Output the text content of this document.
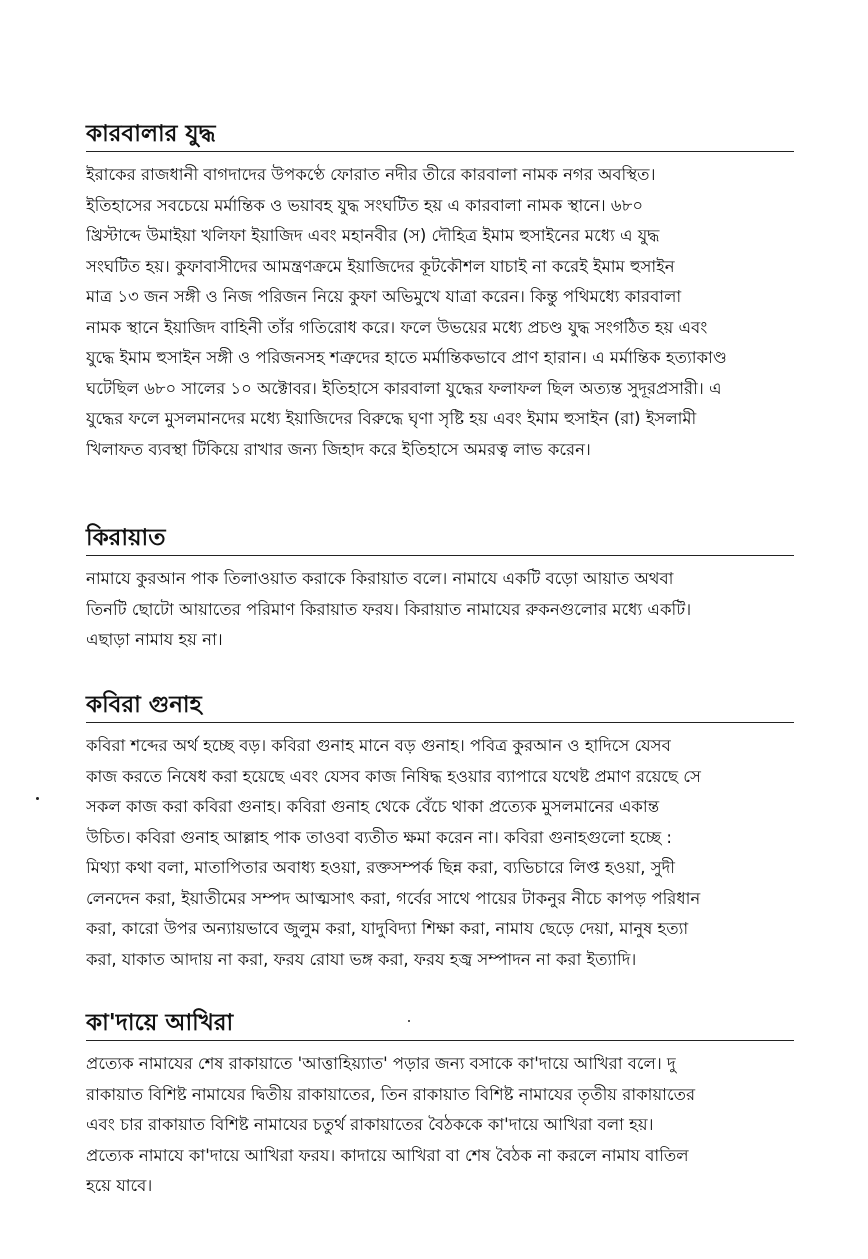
কারবালার যুদ্ধ
ইরাকের রাজধানী বাগদাদের উপকণ্ঠে ফোরাত নদীর তীরে কারবালা নামক নগর অবস্থিত।
ইতিহাসের সবচেয়ে মর্মান্তিক ও ভয়াবহ যুদ্ধ সংঘটিত হয় এ কারবালা নামক স্থানে। ৬৮০
খ্রিস্টাব্দে উমাইয়া খলিফা ইয়াজিদ এবং মহানবীর (স) দৌহিত্র ইমাম হুসাইনের মধ্যে এ যুদ্ধ
সংঘটিত হয়। কুফাবাসীদের আমন্ত্রণক্রমে ইয়াজিদের কূটকৌশল যাচাই না করেই ইমাম হুসাইন
মাত্র ১৩ জন সঙ্গী ও নিজ পরিজন নিয়ে কুফা অভিমুখে যাত্রা করেন। কিন্তু পথিমধ্যে কারবালা
নামক স্থানে ইয়াজিদ বাহিনী তাঁর গতিরোধ করে। ফলে উভয়ের মধ্যে প্রচণ্ড যুদ্ধ সংগঠিত হয় এবং
যুদ্ধে ইমাম হুসাইন সঙ্গী ও পরিজনসহ শত্রুদের হাতে মর্মান্তিকভাবে প্রাণ হারান। এ মর্মান্তিক হত্যাকাণ্ড
ঘটেছিল ৬৮০ সালের ১০ অক্টোবর। ইতিহাসে কারবালা যুদ্ধের ফলাফল ছিল অত্যন্ত সুদূরপ্রসারী। এ
যুদ্ধের ফলে মুসলমানদের মধ্যে ইয়াজিদের বিরুদ্ধে ঘৃণা সৃষ্টি হয় এবং ইমাম হুসাইন (রা) ইসলামী
খিলাফত ব্যবস্থা টিকিয়ে রাখার জন্য জিহাদ করে ইতিহাসে অমরত্ব লাভ করেন।
কিরায়াত
নামাযে কুরআন পাক তিলাওয়াত করাকে কিরায়াত বলে। নামাযে একটি বড়ো আয়াত অথবা
তিনটি ছোটো আয়াতের পরিমাণ কিরায়াত ফরয। কিরায়াত নামাযের রুকনগুলোর মধ্যে একটি।
এছাড়া নামায হয় না।
কবিরা গুনাহ
কবিরা শব্দের অর্থ হচ্ছে বড়। কবিরা গুনাহ মানে বড় গুনাহ। পবিত্র কুরআন ও হাদিসে যেসব
কাজ করতে নিষেধ করা হয়েছে এবং যেসব কাজ নিষিদ্ধ হওয়ার ব্যাপারে যথেষ্ট প্রমাণ রয়েছে সে
সকল কাজ করা কবিরা গুনাহ। কবিরা গুনাহ থেকে বেঁচে থাকা প্রত্যেক মুসলমানের একান্ত
উচিত। কবিরা গুনাহ আল্লাহ পাক তাওবা ব্যতীত ক্ষমা করেন না। কবিরা গুনাহগুলো হচ্ছে :
মিথ্যা কথা বলা, মাতাপিতার অবাধ্য হওয়া, রক্তসম্পর্ক ছিন্ন করা, ব্যভিচারে লিপ্ত হওয়া, সুদী
লেনদেন করা, ইয়াতীমের সম্পদ আত্মসাৎ করা, গর্বের সাথে পায়ের টাকনুর নীচে কাপড় পরিধান
করা, কারো উপর অন্যায়ভাবে জুলুম করা, যাদুবিদ্যা শিক্ষা করা, নামায ছেড়ে দেয়া, মানুষ হত্যা
করা, যাকাত আদায় না করা, ফরয রোযা ভঙ্গ করা, ফরয হজ্ব সম্পাদন না করা ইত্যাদি।
কা'দায়ে আখিরা
প্রত্যেক নামাযের শেষ রাকায়াতে 'আত্তাহিয়্যাত' পড়ার জন্য বসাকে কা'দায়ে আখিরা বলে। দু
রাকায়াত বিশিষ্ট নামাযের দ্বিতীয় রাকায়াতের, তিন রাকায়াত বিশিষ্ট নামাযের তৃতীয় রাকায়াতের
এবং চার রাকায়াত বিশিষ্ট নামাযের চতুর্থ রাকায়াতের বৈঠককে কা'দায়ে আখিরা বলা হয়।
প্রত্যেক নামাযে কা'দায়ে আখিরা ফরয। কাদায়ে আখিরা বা শেষ বৈঠক না করলে নামায বাতিল
হয়ে যাবে।
